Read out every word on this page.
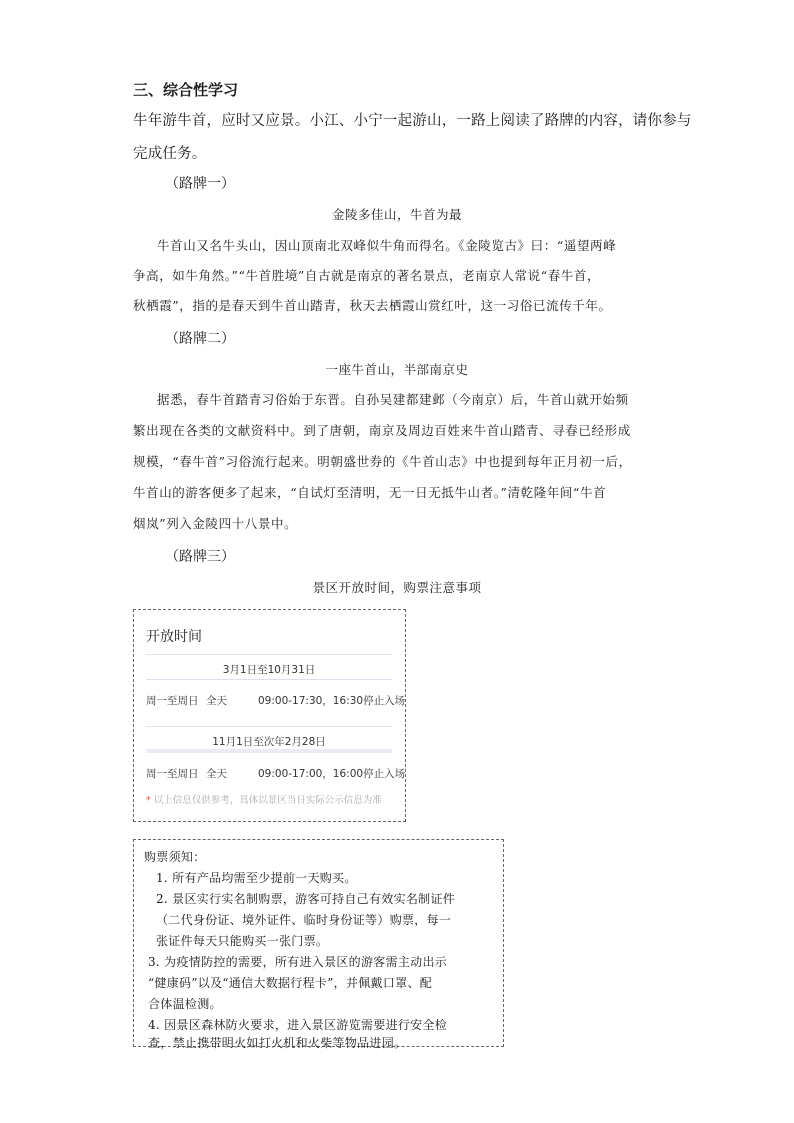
三、综合性学习
牛年游牛首，应时又应景。小江、小宁一起游山，一路上阅读了路牌的内容，请你参与
完成任务。
（路牌一）
金陵多佳山，牛首为最
牛首山又名牛头山，因山顶南北双峰似牛角而得名。《金陵览古》曰：“遥望两峰
争高，如牛角然。”“牛首胜境”自古就是南京的著名景点，老南京人常说“春牛首，
秋栖霞”，指的是春天到牛首山踏青，秋天去栖霞山赏红叶，这一习俗已流传千年。
（路牌二）
一座牛首山，半部南京史
据悉，春牛首踏青习俗始于东晋。自孙吴建都建邺（今南京）后，牛首山就开始频
繁出现在各类的文献资料中。到了唐朝，南京及周边百姓来牛首山踏青、寻春已经形成
规模，“春牛首”习俗流行起来。明朝盛世券的《牛首山志》中也提到每年正月初一后，
牛首山的游客便多了起来，“自试灯至清明，无一日无抵牛山者。”清乾隆年间“牛首
烟岚”列入金陵四十八景中。
（路牌三）
景区开放时间，购票注意事项
开放时间
3月1日至10月31日
周一至周日 全天	09:00-17:30，16:30停止入场
11月1日至次年2月28日
周一至周日 全天	09:00-17:00，16:00停止入场
* 以上信息仅供参考，具体以景区当日实际公示信息为准
购票须知：
1. 所有产品均需至少提前一天购买。
2. 景区实行实名制购票，游客可持自己有效实名制证件
（二代身份证、境外证件、临时身份证等）购票，每一
张证件每天只能购买一张门票。
3. 为疫情防控的需要，所有进入景区的游客需主动出示
“健康码”以及“通信大数据行程卡”，并佩戴口罩、配
合体温检测。
4. 因景区森林防火要求，进入景区游览需要进行安全检
查，禁止携带明火如打火机和火柴等物品进园。
